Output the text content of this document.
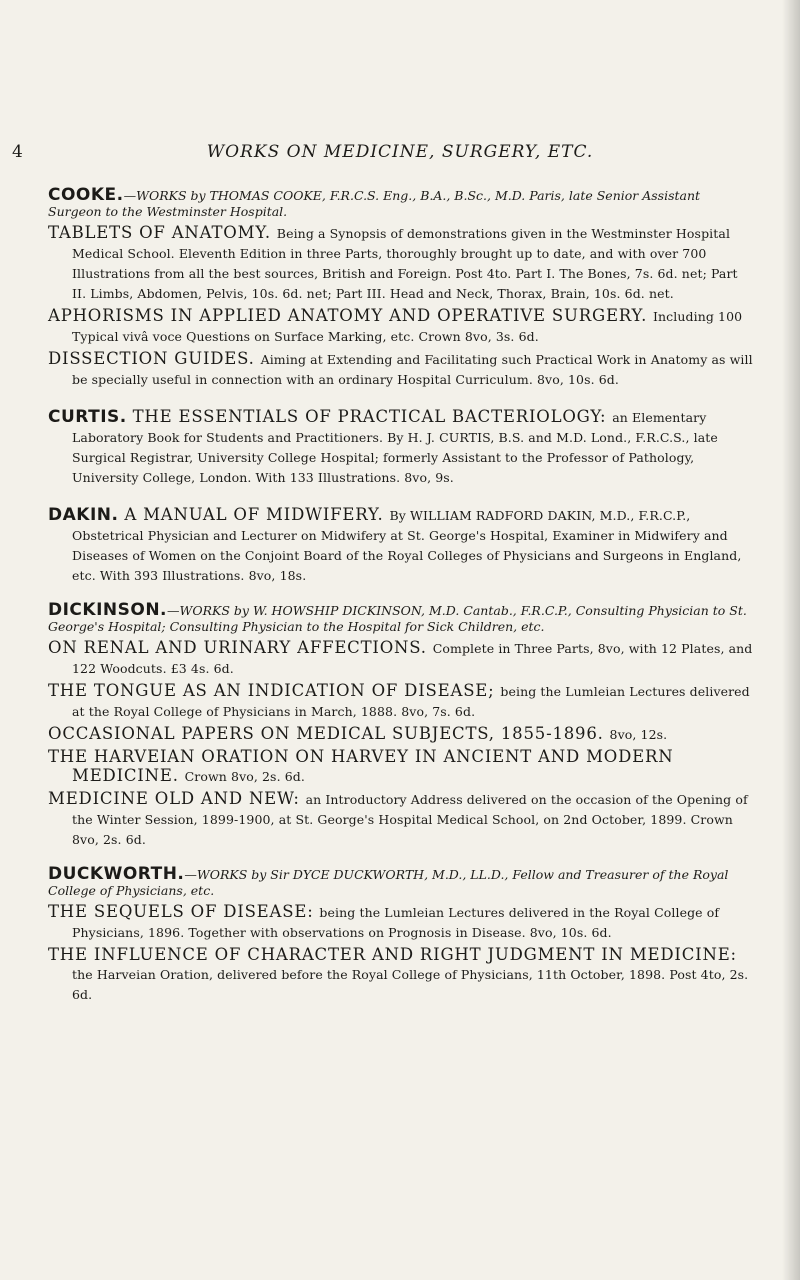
4	WORKS ON MEDICINE, SURGERY, ETC.

COOKE.—WORKS by THOMAS COOKE, F.R.C.S. Eng., B.A., B.Sc., M.D. Paris, late Senior Assistant Surgeon to the Westminster Hospital.

TABLETS OF ANATOMY. Being a Synopsis of demonstrations given in the Westminster Hospital Medical School. Eleventh Edition in three Parts, thoroughly brought up to date, and with over 700 Illustrations from all the best sources, British and Foreign. Post 4to. Part I. The Bones, 7s. 6d. net; Part II. Limbs, Abdomen, Pelvis, 10s. 6d. net; Part III. Head and Neck, Thorax, Brain, 10s. 6d. net.

APHORISMS IN APPLIED ANATOMY AND OPERATIVE SURGERY. Including 100 Typical vivâ voce Questions on Surface Marking, etc. Crown 8vo, 3s. 6d.

DISSECTION GUIDES. Aiming at Extending and Facilitating such Practical Work in Anatomy as will be specially useful in connection with an ordinary Hospital Curriculum. 8vo, 10s. 6d.

CURTIS. THE ESSENTIALS OF PRACTICAL BACTERIOLOGY: an Elementary Laboratory Book for Students and Practitioners. By H. J. CURTIS, B.S. and M.D. Lond., F.R.C.S., late Surgical Registrar, University College Hospital; formerly Assistant to the Professor of Pathology, University College, London. With 133 Illustrations. 8vo, 9s.

DAKIN. A MANUAL OF MIDWIFERY. By WILLIAM RADFORD DAKIN, M.D., F.R.C.P., Obstetrical Physician and Lecturer on Midwifery at St. George's Hospital, Examiner in Midwifery and Diseases of Women on the Conjoint Board of the Royal Colleges of Physicians and Surgeons in England, etc. With 393 Illustrations. 8vo, 18s.

DICKINSON.—WORKS by W. HOWSHIP DICKINSON, M.D. Cantab., F.R.C.P., Consulting Physician to St. George's Hospital; Consulting Physician to the Hospital for Sick Children, etc.

ON RENAL AND URINARY AFFECTIONS. Complete in Three Parts, 8vo, with 12 Plates, and 122 Woodcuts. £3 4s. 6d.

THE TONGUE AS AN INDICATION OF DISEASE; being the Lumleian Lectures delivered at the Royal College of Physicians in March, 1888. 8vo, 7s. 6d.

OCCASIONAL PAPERS ON MEDICAL SUBJECTS, 1855-1896. 8vo, 12s.

THE HARVEIAN ORATION ON HARVEY IN ANCIENT AND MODERN MEDICINE. Crown 8vo, 2s. 6d.

MEDICINE OLD AND NEW: an Introductory Address delivered on the occasion of the Opening of the Winter Session, 1899-1900, at St. George's Hospital Medical School, on 2nd October, 1899. Crown 8vo, 2s. 6d.

DUCKWORTH.—WORKS by Sir DYCE DUCKWORTH, M.D., LL.D., Fellow and Treasurer of the Royal College of Physicians, etc.

THE SEQUELS OF DISEASE: being the Lumleian Lectures delivered in the Royal College of Physicians, 1896. Together with observations on Prognosis in Disease. 8vo, 10s. 6d.

THE INFLUENCE OF CHARACTER AND RIGHT JUDGMENT IN MEDICINE: the Harveian Oration, delivered before the Royal College of Physicians, 11th October, 1898. Post 4to, 2s. 6d.
